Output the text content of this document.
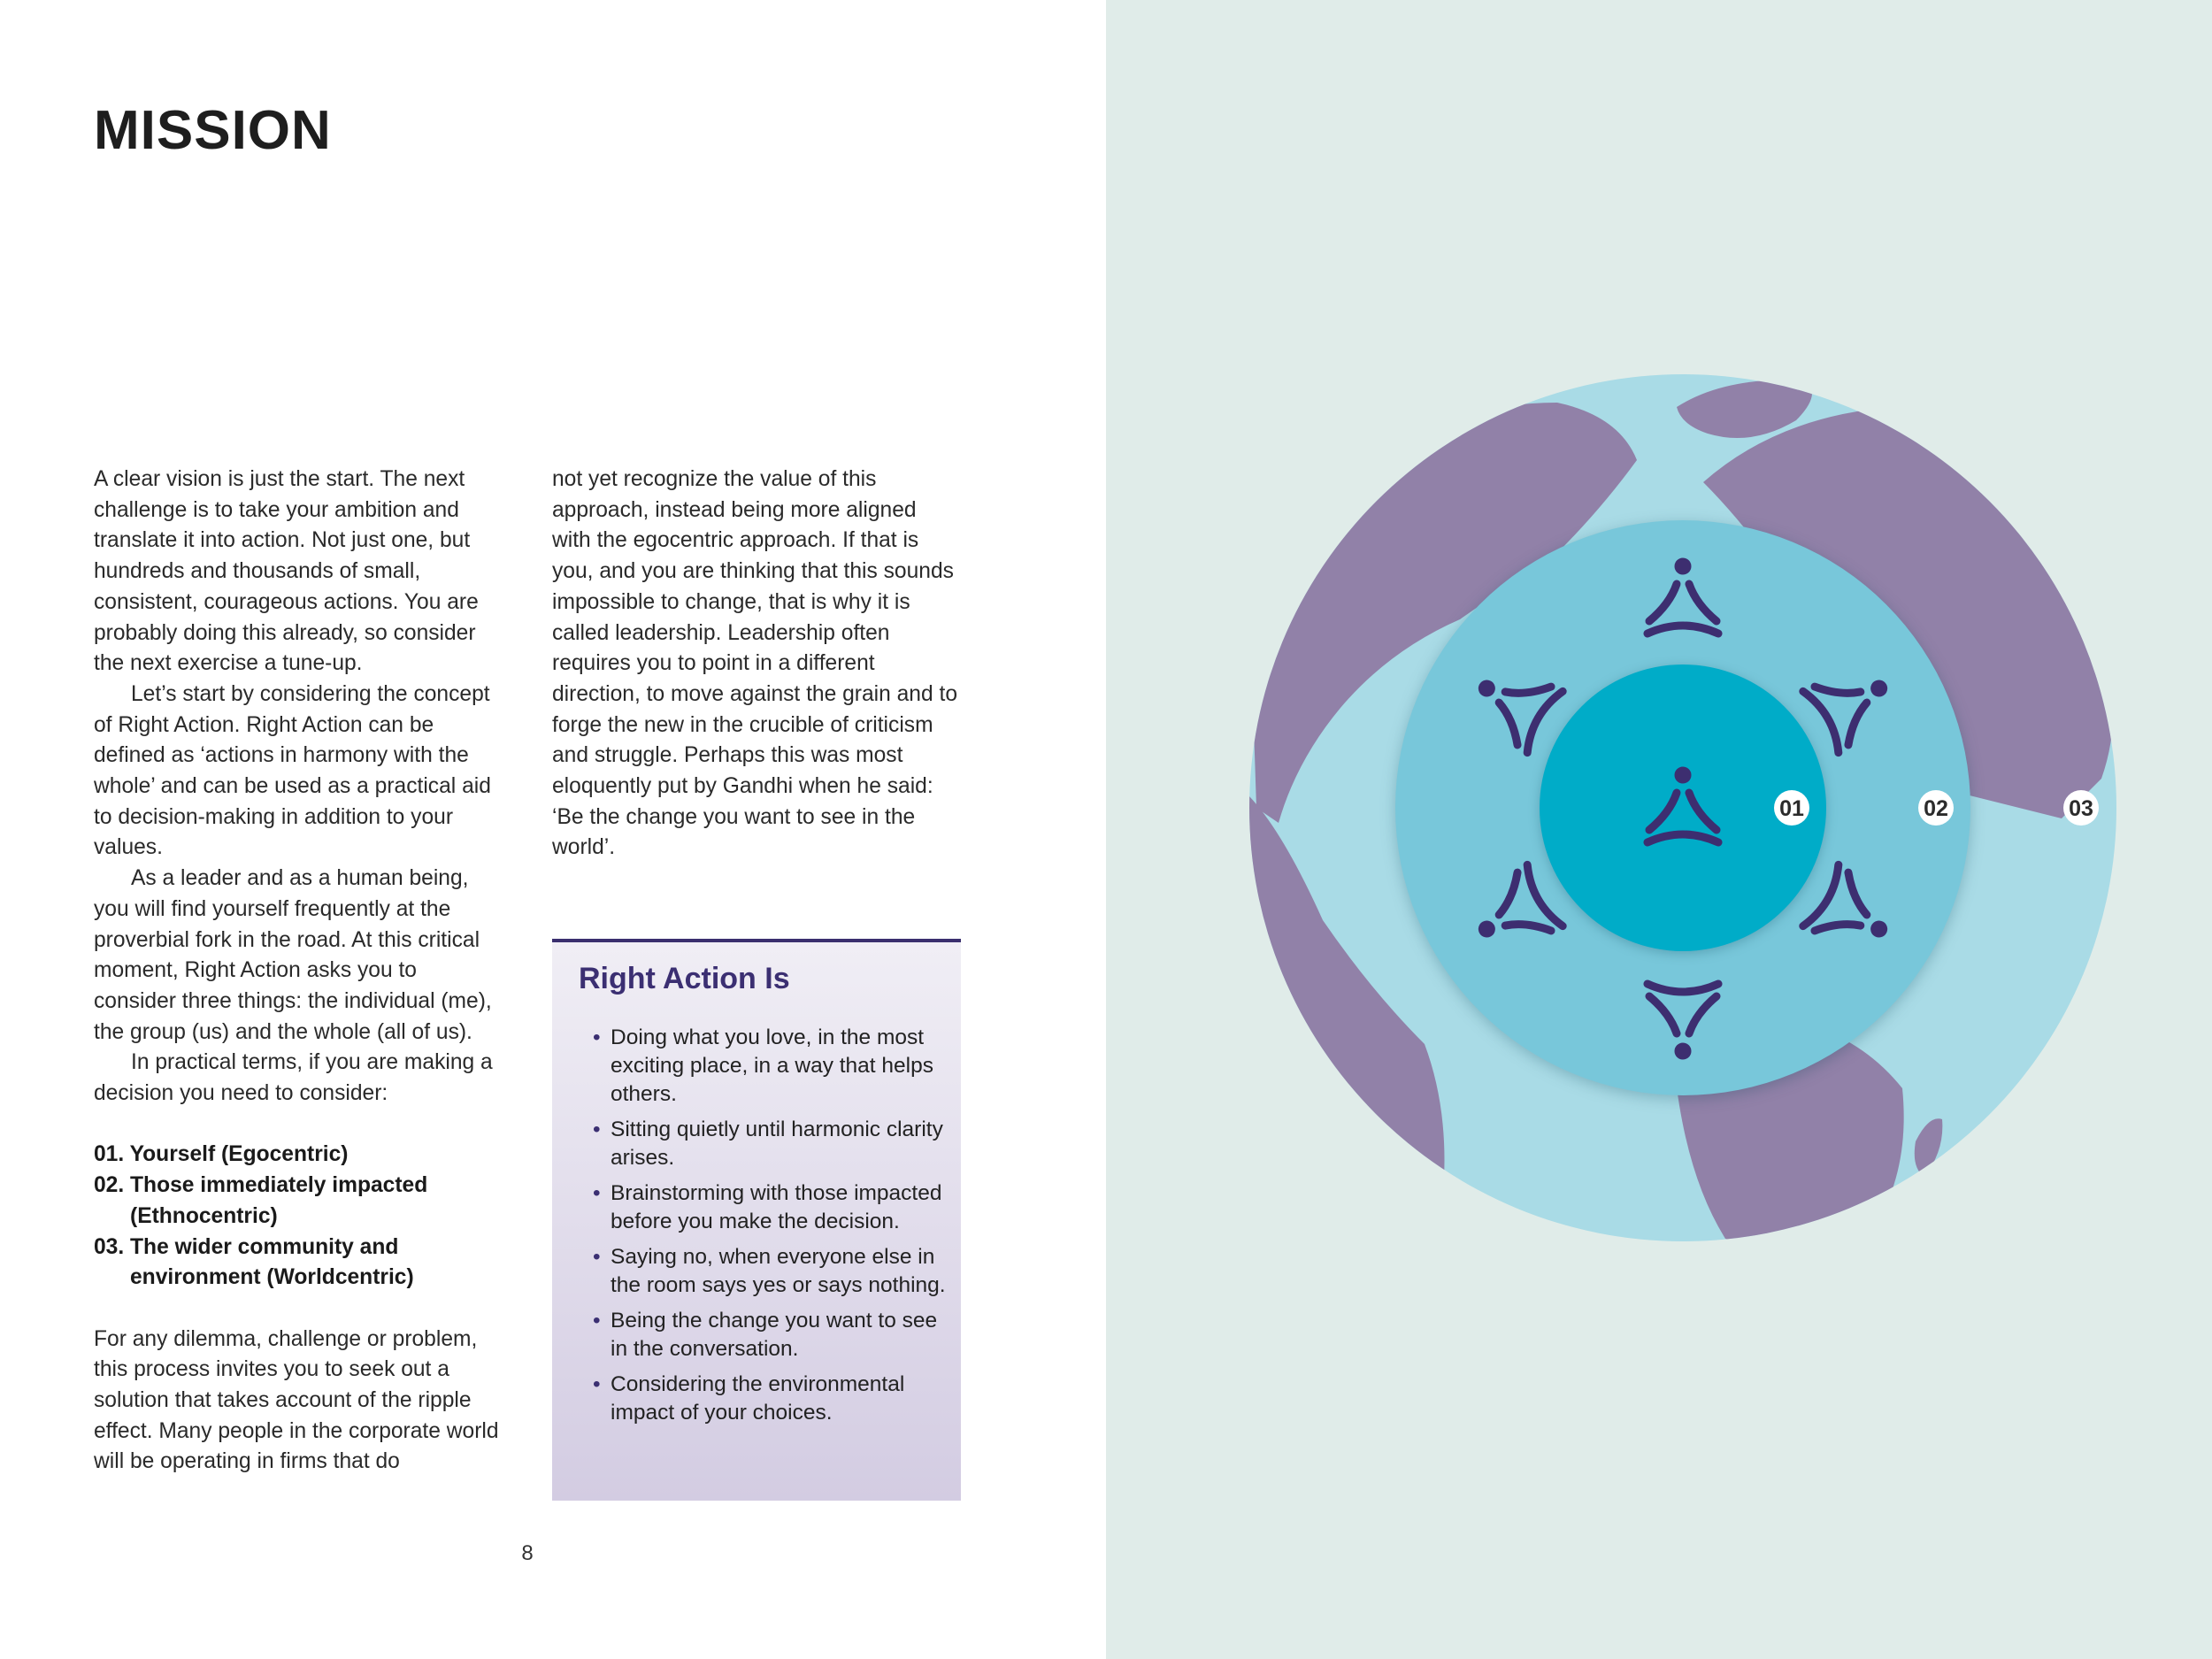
MISSION

A clear vision is just the start. The next challenge is to take your ambition and translate it into action. Not just one, but hundreds and thousands of small, consistent, courageous actions. You are probably doing this already, so consider the next exercise a tune-up.

Let’s start by considering the concept of Right Action. Right Action can be defined as ‘actions in harmony with the whole’ and can be used as a practical aid to decision-making in addition to your values.

As a leader and as a human being, you will find yourself frequently at the proverbial fork in the road. At this critical moment, Right Action asks you to consider three things: the individual (me), the group (us) and the whole (all of us).

In practical terms, if you are making a decision you need to consider:

01. Yourself (Egocentric)
02. Those immediately impacted (Ethnocentric)
03. The wider community and environment (Worldcentric)

For any dilemma, challenge or problem, this process invites you to seek out a solution that takes account of the ripple effect. Many people in the corporate world will be operating in firms that do

not yet recognize the value of this approach, instead being more aligned with the egocentric approach. If that is you, and you are thinking that this sounds impossible to change, that is why it is called leadership. Leadership often requires you to point in a different direction, to move against the grain and to forge the new in the crucible of criticism and struggle. Perhaps this was most eloquently put by Gandhi when he said: ‘Be the change you want to see in the world’.

Right Action Is
• Doing what you love, in the most exciting place, in a way that helps others.
• Sitting quietly until harmonic clarity arises.
• Brainstorming with those impacted before you make the decision.
• Saying no, when everyone else in the room says yes or says nothing.
• Being the change you want to see in the conversation.
• Considering the environmental impact of your choices.
8
01	02	03
